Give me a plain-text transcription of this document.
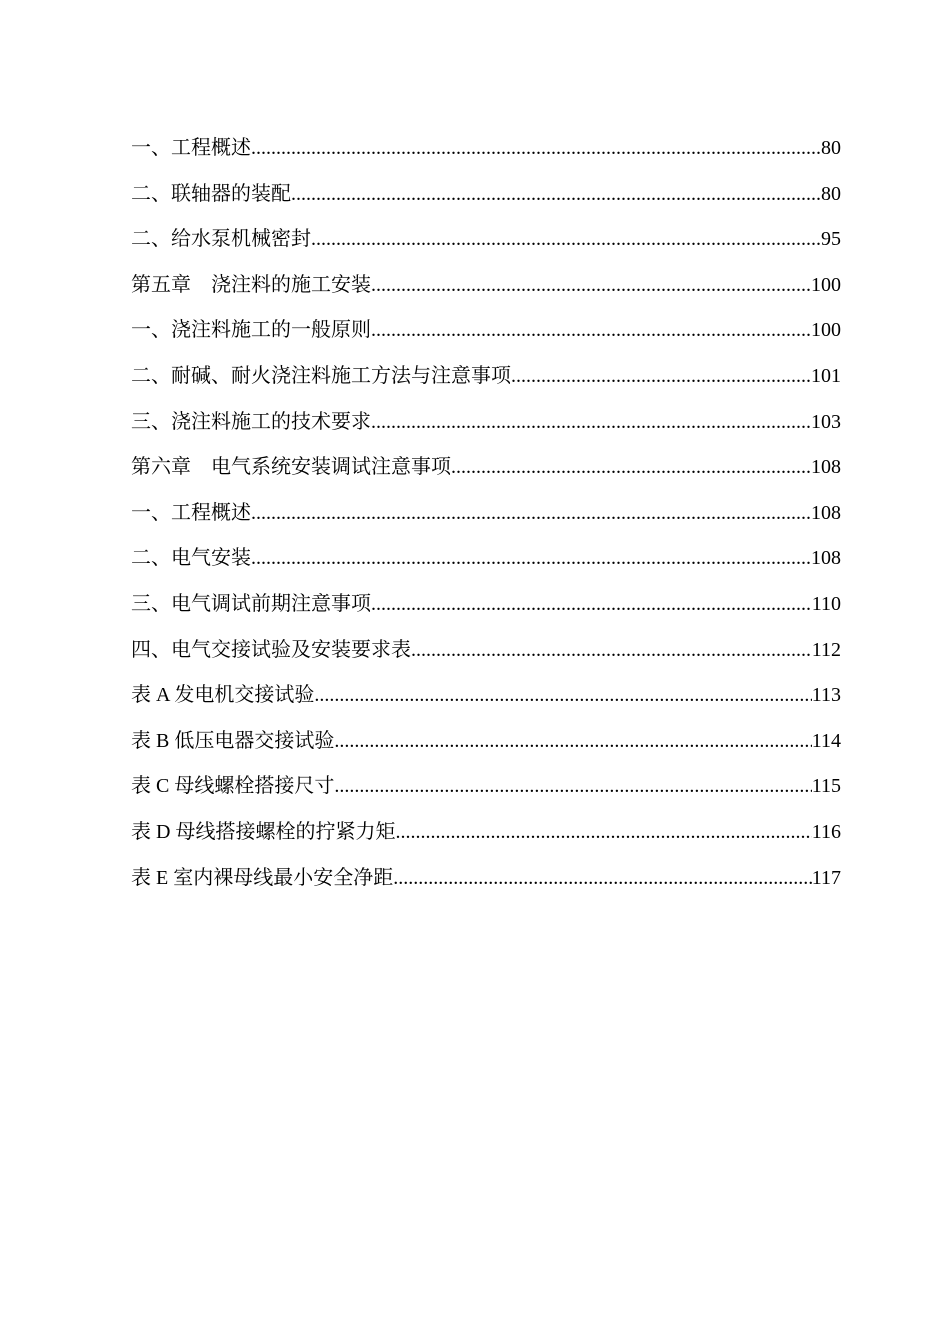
一、工程概述 .....	80
二、联轴器的装配 .....	80
二、给水泵机械密封 .....	95
第五章    浇注料的施工安装 .....	100
一、浇注料施工的一般原则 .....	100
二、耐碱、耐火浇注料施工方法与注意事项 .....	101
三、浇注料施工的技术要求 .....	103
第六章    电气系统安装调试注意事项 .....	108
一、工程概述 .....	108
二、电气安装 .....	108
三、电气调试前期注意事项 .....	110
四、电气交接试验及安装要求表 .....	112
表 A 发电机交接试验 .....	113
表 B 低压电器交接试验 .....	114
表 C 母线螺栓搭接尺寸 .....	115
表 D 母线搭接螺栓的拧紧力矩 .....	116
表 E 室内裸母线最小安全净距 .....	117
